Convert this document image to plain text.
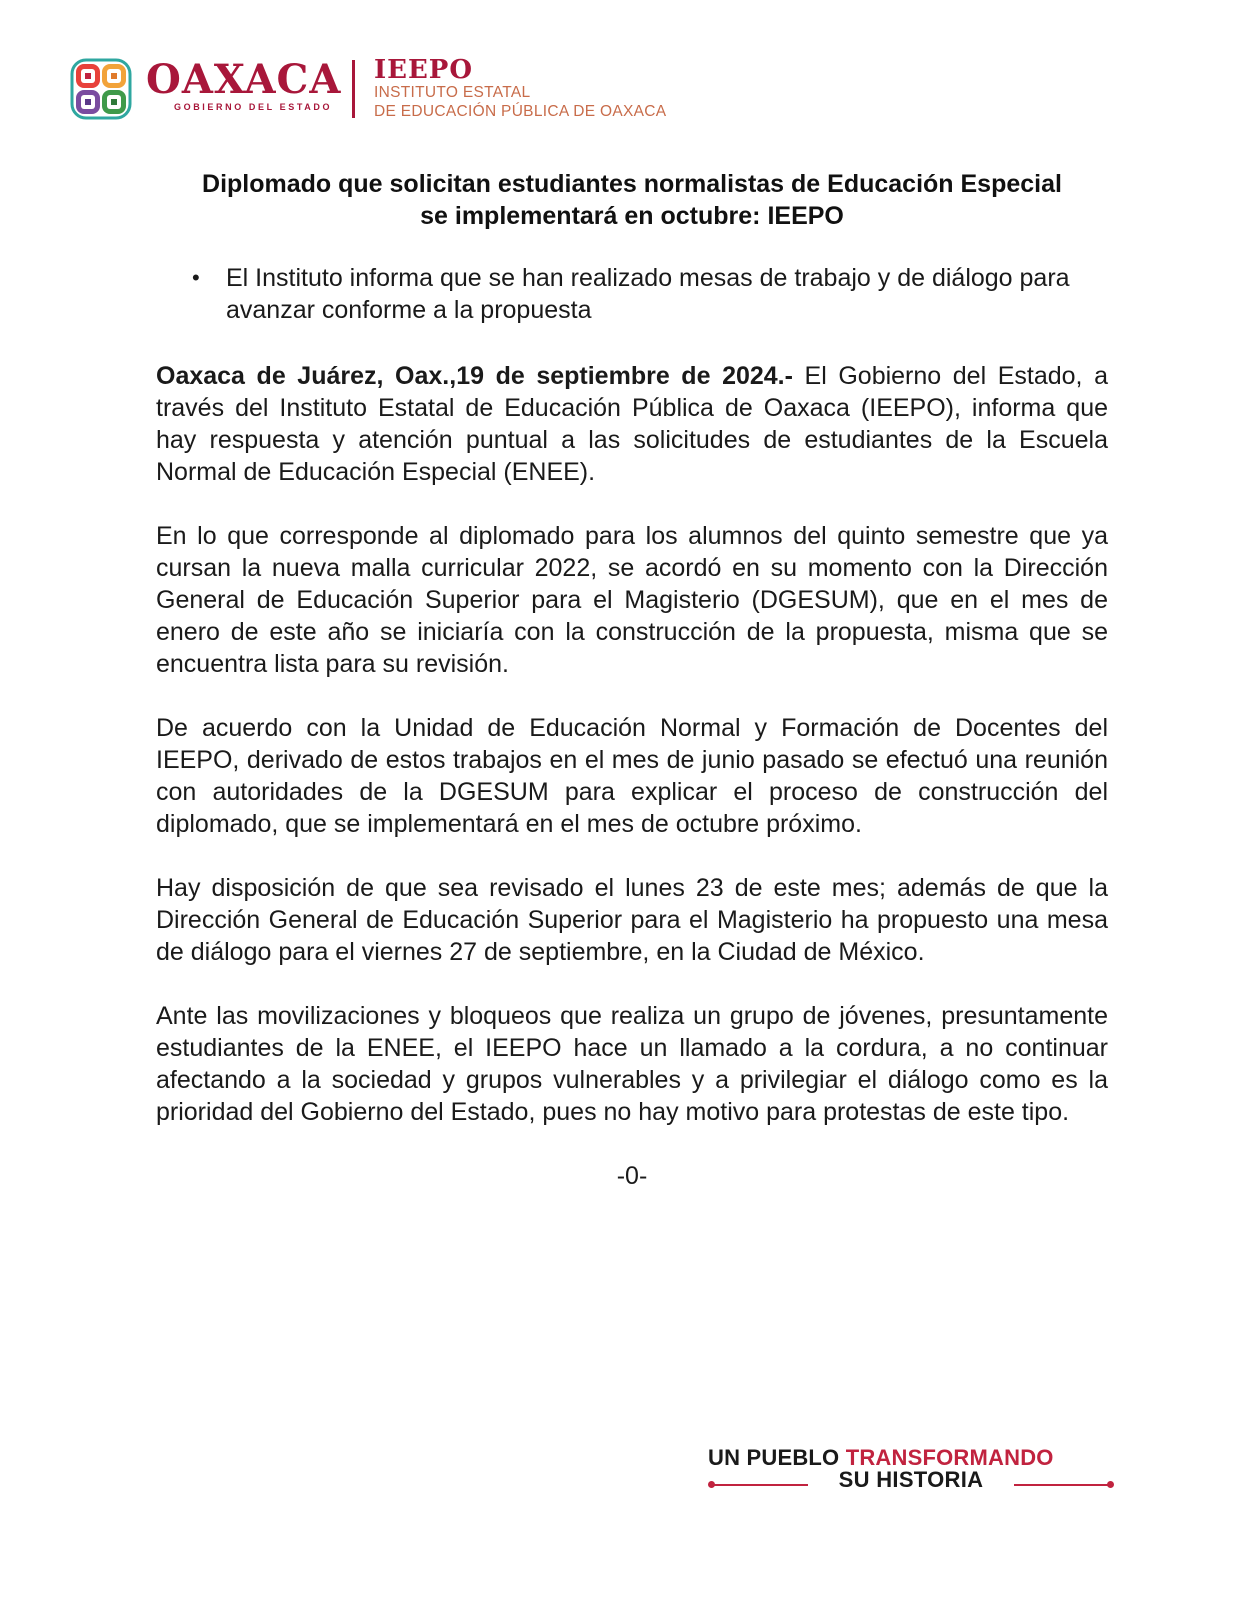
OAXACA
GOBIERNO DEL ESTADO
IEEPO
INSTITUTO ESTATAL
DE EDUCACIÓN PÚBLICA DE OAXACA
Diplomado que solicitan estudiantes normalistas de Educación Especial
se implementará en octubre: IEEPO
• El Instituto informa que se han realizado mesas de trabajo y de diálogo para avanzar conforme a la propuesta

Oaxaca de Juárez, Oax.,19 de septiembre de 2024.- El Gobierno del Estado, a través del Instituto Estatal de Educación Pública de Oaxaca (IEEPO), informa que hay respuesta y atención puntual a las solicitudes de estudiantes de la Escuela Normal de Educación Especial (ENEE).

En lo que corresponde al diplomado para los alumnos del quinto semestre que ya cursan la nueva malla curricular 2022, se acordó en su momento con la Dirección General de Educación Superior para el Magisterio (DGESUM), que en el mes de enero de este año se iniciaría con la construcción de la propuesta, misma que se encuentra lista para su revisión.

De acuerdo con la Unidad de Educación Normal y Formación de Docentes del IEEPO, derivado de estos trabajos en el mes de junio pasado se efectuó una reunión con autoridades de la DGESUM para explicar el proceso de construcción del diplomado, que se implementará en el mes de octubre próximo.

Hay disposición de que sea revisado el lunes 23 de este mes; además de que la Dirección General de Educación Superior para el Magisterio ha propuesto una mesa de diálogo para el viernes 27 de septiembre, en la Ciudad de México.

Ante las movilizaciones y bloqueos que realiza un grupo de jóvenes, presuntamente estudiantes de la ENEE, el IEEPO hace un llamado a la cordura, a no continuar afectando a la sociedad y grupos vulnerables y a privilegiar el diálogo como es la prioridad del Gobierno del Estado, pues no hay motivo para protestas de este tipo.

-0-
UN PUEBLO TRANSFORMANDO
SU HISTORIA
